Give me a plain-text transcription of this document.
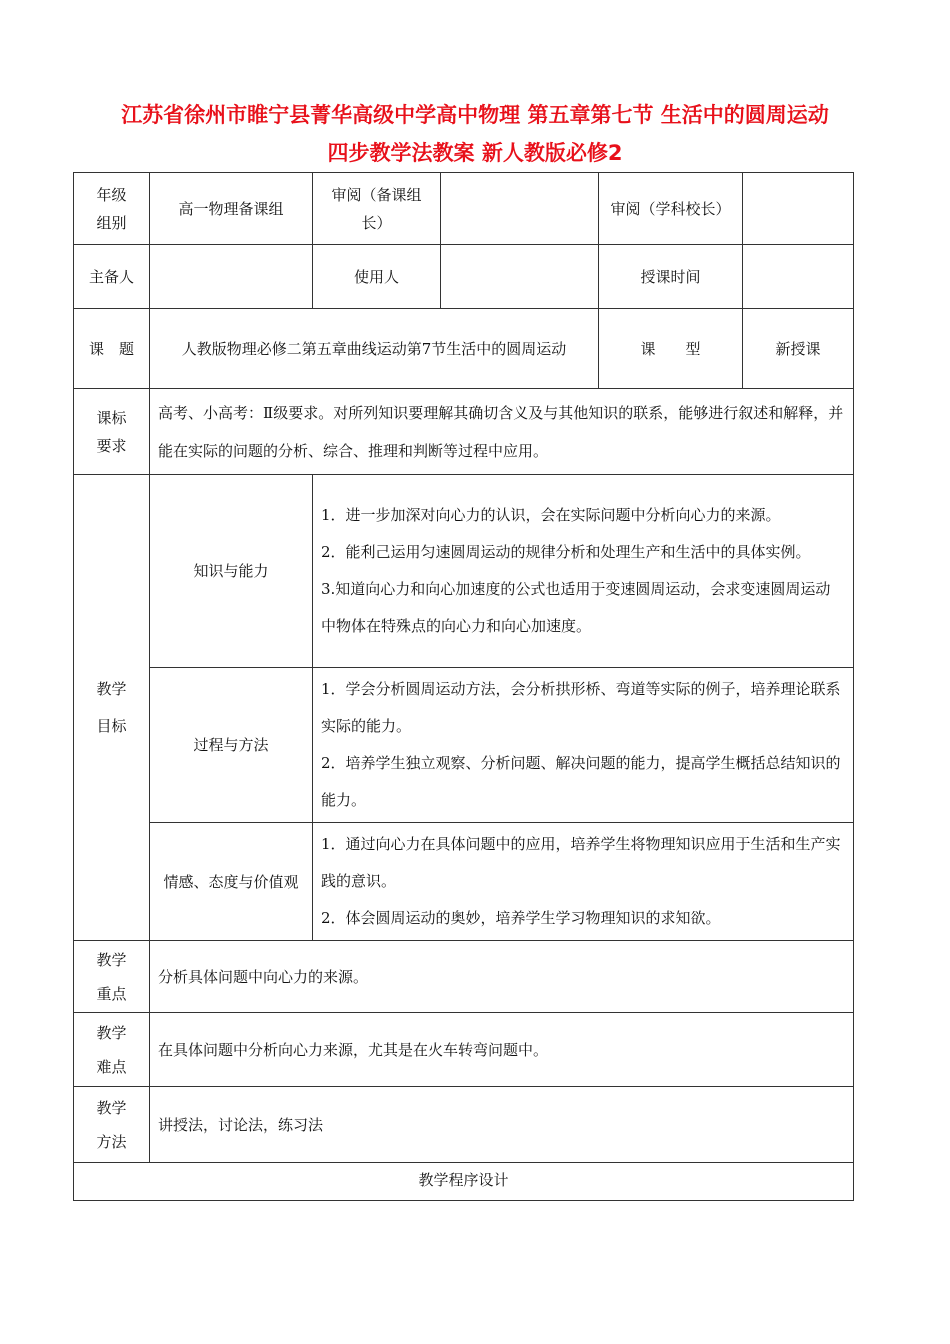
江苏省徐州市睢宁县菁华高级中学高中物理 第五章第七节 生活中的圆周运动
四步教学法教案 新人教版必修2
年级组别	高一物理备课组	审阅（备课组长）		审阅（学科校长）	
主备人		使用人		授课时间	
课　题	人教版物理必修二第五章曲线运动第7节生活中的圆周运动			课　　型	新授课
课标要求	高考、小高考：Ⅱ级要求。对所列知识要理解其确切含义及与其他知识的联系，能够进行叙述和解释，并能在实际的问题的分析、综合、推理和判断等过程中应用。				

教学目标	知识与能力	1．进一步加深对向心力的认识，会在实际问题中分析向心力的来源。

2．能利己运用匀速圆周运动的规律分析和处理生产和生活中的具体实例。

3.知道向心力和向心加速度的公式也适用于变速圆周运动，会求变速圆周运动中物体在特殊点的向心力和向心加速度。			

	过程与方法	1．学会分析圆周运动方法，会分析拱形桥、弯道等实际的例子，培养理论联系实际的能力。

2．培养学生独立观察、分析问题、解决问题的能力，提高学生概括总结知识的能力。			

	情感、态度与价值观	1．通过向心力在具体问题中的应用，培养学生将物理知识应用于生活和生产实践的意识。

2．体会圆周运动的奥妙，培养学生学习物理知识的求知欲。			

教学重点	分析具体问题中向心力的来源。				
教学难点	在具体问题中分析向心力来源，尤其是在火车转弯问题中。				
教学方法	讲授法，讨论法，练习法				
教学程序设计					
